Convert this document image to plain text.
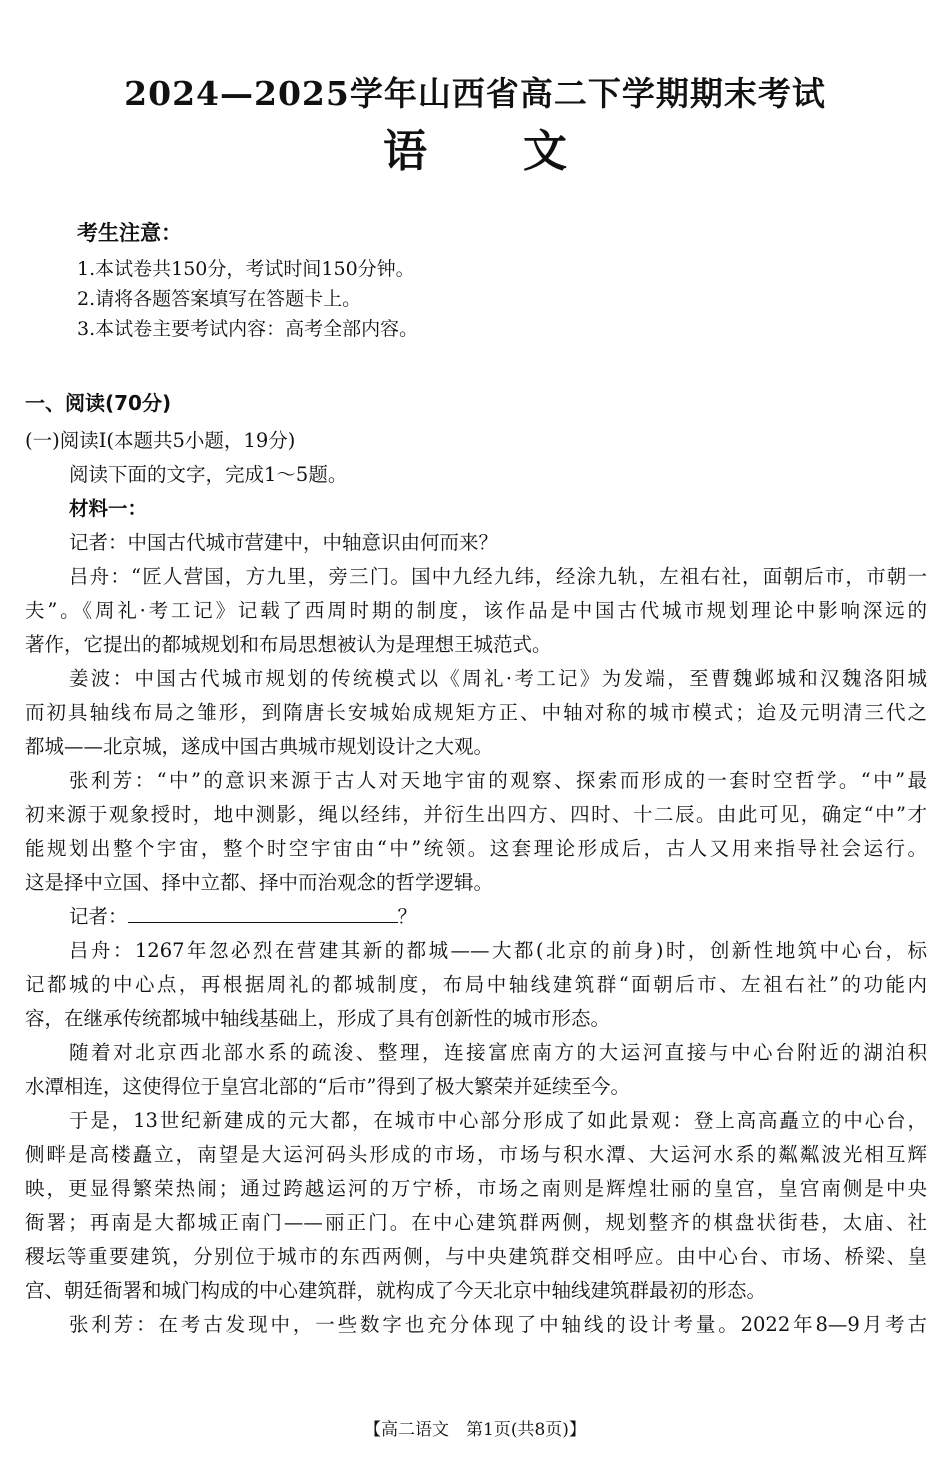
2024—2025学年山西省高二下学期期末考试
语文
考生注意：
1.本试卷共150分，考试时间150分钟。
2.请将各题答案填写在答题卡上。
3.本试卷主要考试内容：高考全部内容。
一、阅读(70分)
(一)阅读Ⅰ(本题共5小题，19分)
阅读下面的文字，完成1～5题。
材料一：
记者：中国古代城市营建中，中轴意识由何而来？
吕舟：“匠人营国，方九里，旁三门。国中九经九纬，经涂九轨，左祖右社，面朝后市，市朝一
夫”。《周礼·考工记》记载了西周时期的制度，该作品是中国古代城市规划理论中影响深远的
著作，它提出的都城规划和布局思想被认为是理想王城范式。
姜波：中国古代城市规划的传统模式以《周礼·考工记》为发端，至曹魏邺城和汉魏洛阳城
而初具轴线布局之雏形，到隋唐长安城始成规矩方正、中轴对称的城市模式；迨及元明清三代之
都城——北京城，遂成中国古典城市规划设计之大观。
张利芳：“中”的意识来源于古人对天地宇宙的观察、探索而形成的一套时空哲学。“中”最
初来源于观象授时，地中测影，绳以经纬，并衍生出四方、四时、十二辰。由此可见，确定“中”才
能规划出整个宇宙，整个时空宇宙由“中”统领。这套理论形成后，古人又用来指导社会运行。
这是择中立国、择中立都、择中而治观念的哲学逻辑。
记者：	？
吕舟：1267年忽必烈在营建其新的都城——大都(北京的前身)时，创新性地筑中心台，标
记都城的中心点，再根据周礼的都城制度，布局中轴线建筑群“面朝后市、左祖右社”的功能内
容，在继承传统都城中轴线基础上，形成了具有创新性的城市形态。
随着对北京西北部水系的疏浚、整理，连接富庶南方的大运河直接与中心台附近的湖泊积
水潭相连，这使得位于皇宫北部的“后市”得到了极大繁荣并延续至今。
于是，13世纪新建成的元大都，在城市中心部分形成了如此景观：登上高高矗立的中心台，
侧畔是高楼矗立，南望是大运河码头形成的市场，市场与积水潭、大运河水系的粼粼波光相互辉
映，更显得繁荣热闹；通过跨越运河的万宁桥，市场之南则是辉煌壮丽的皇宫，皇宫南侧是中央
衙署；再南是大都城正南门——丽正门。在中心建筑群两侧，规划整齐的棋盘状街巷，太庙、社
稷坛等重要建筑，分别位于城市的东西两侧，与中央建筑群交相呼应。由中心台、市场、桥梁、皇
宫、朝廷衙署和城门构成的中心建筑群，就构成了今天北京中轴线建筑群最初的形态。
张利芳：在考古发现中，一些数字也充分体现了中轴线的设计考量。2022年8—9月考古
【高二语文　第1页(共8页)】
